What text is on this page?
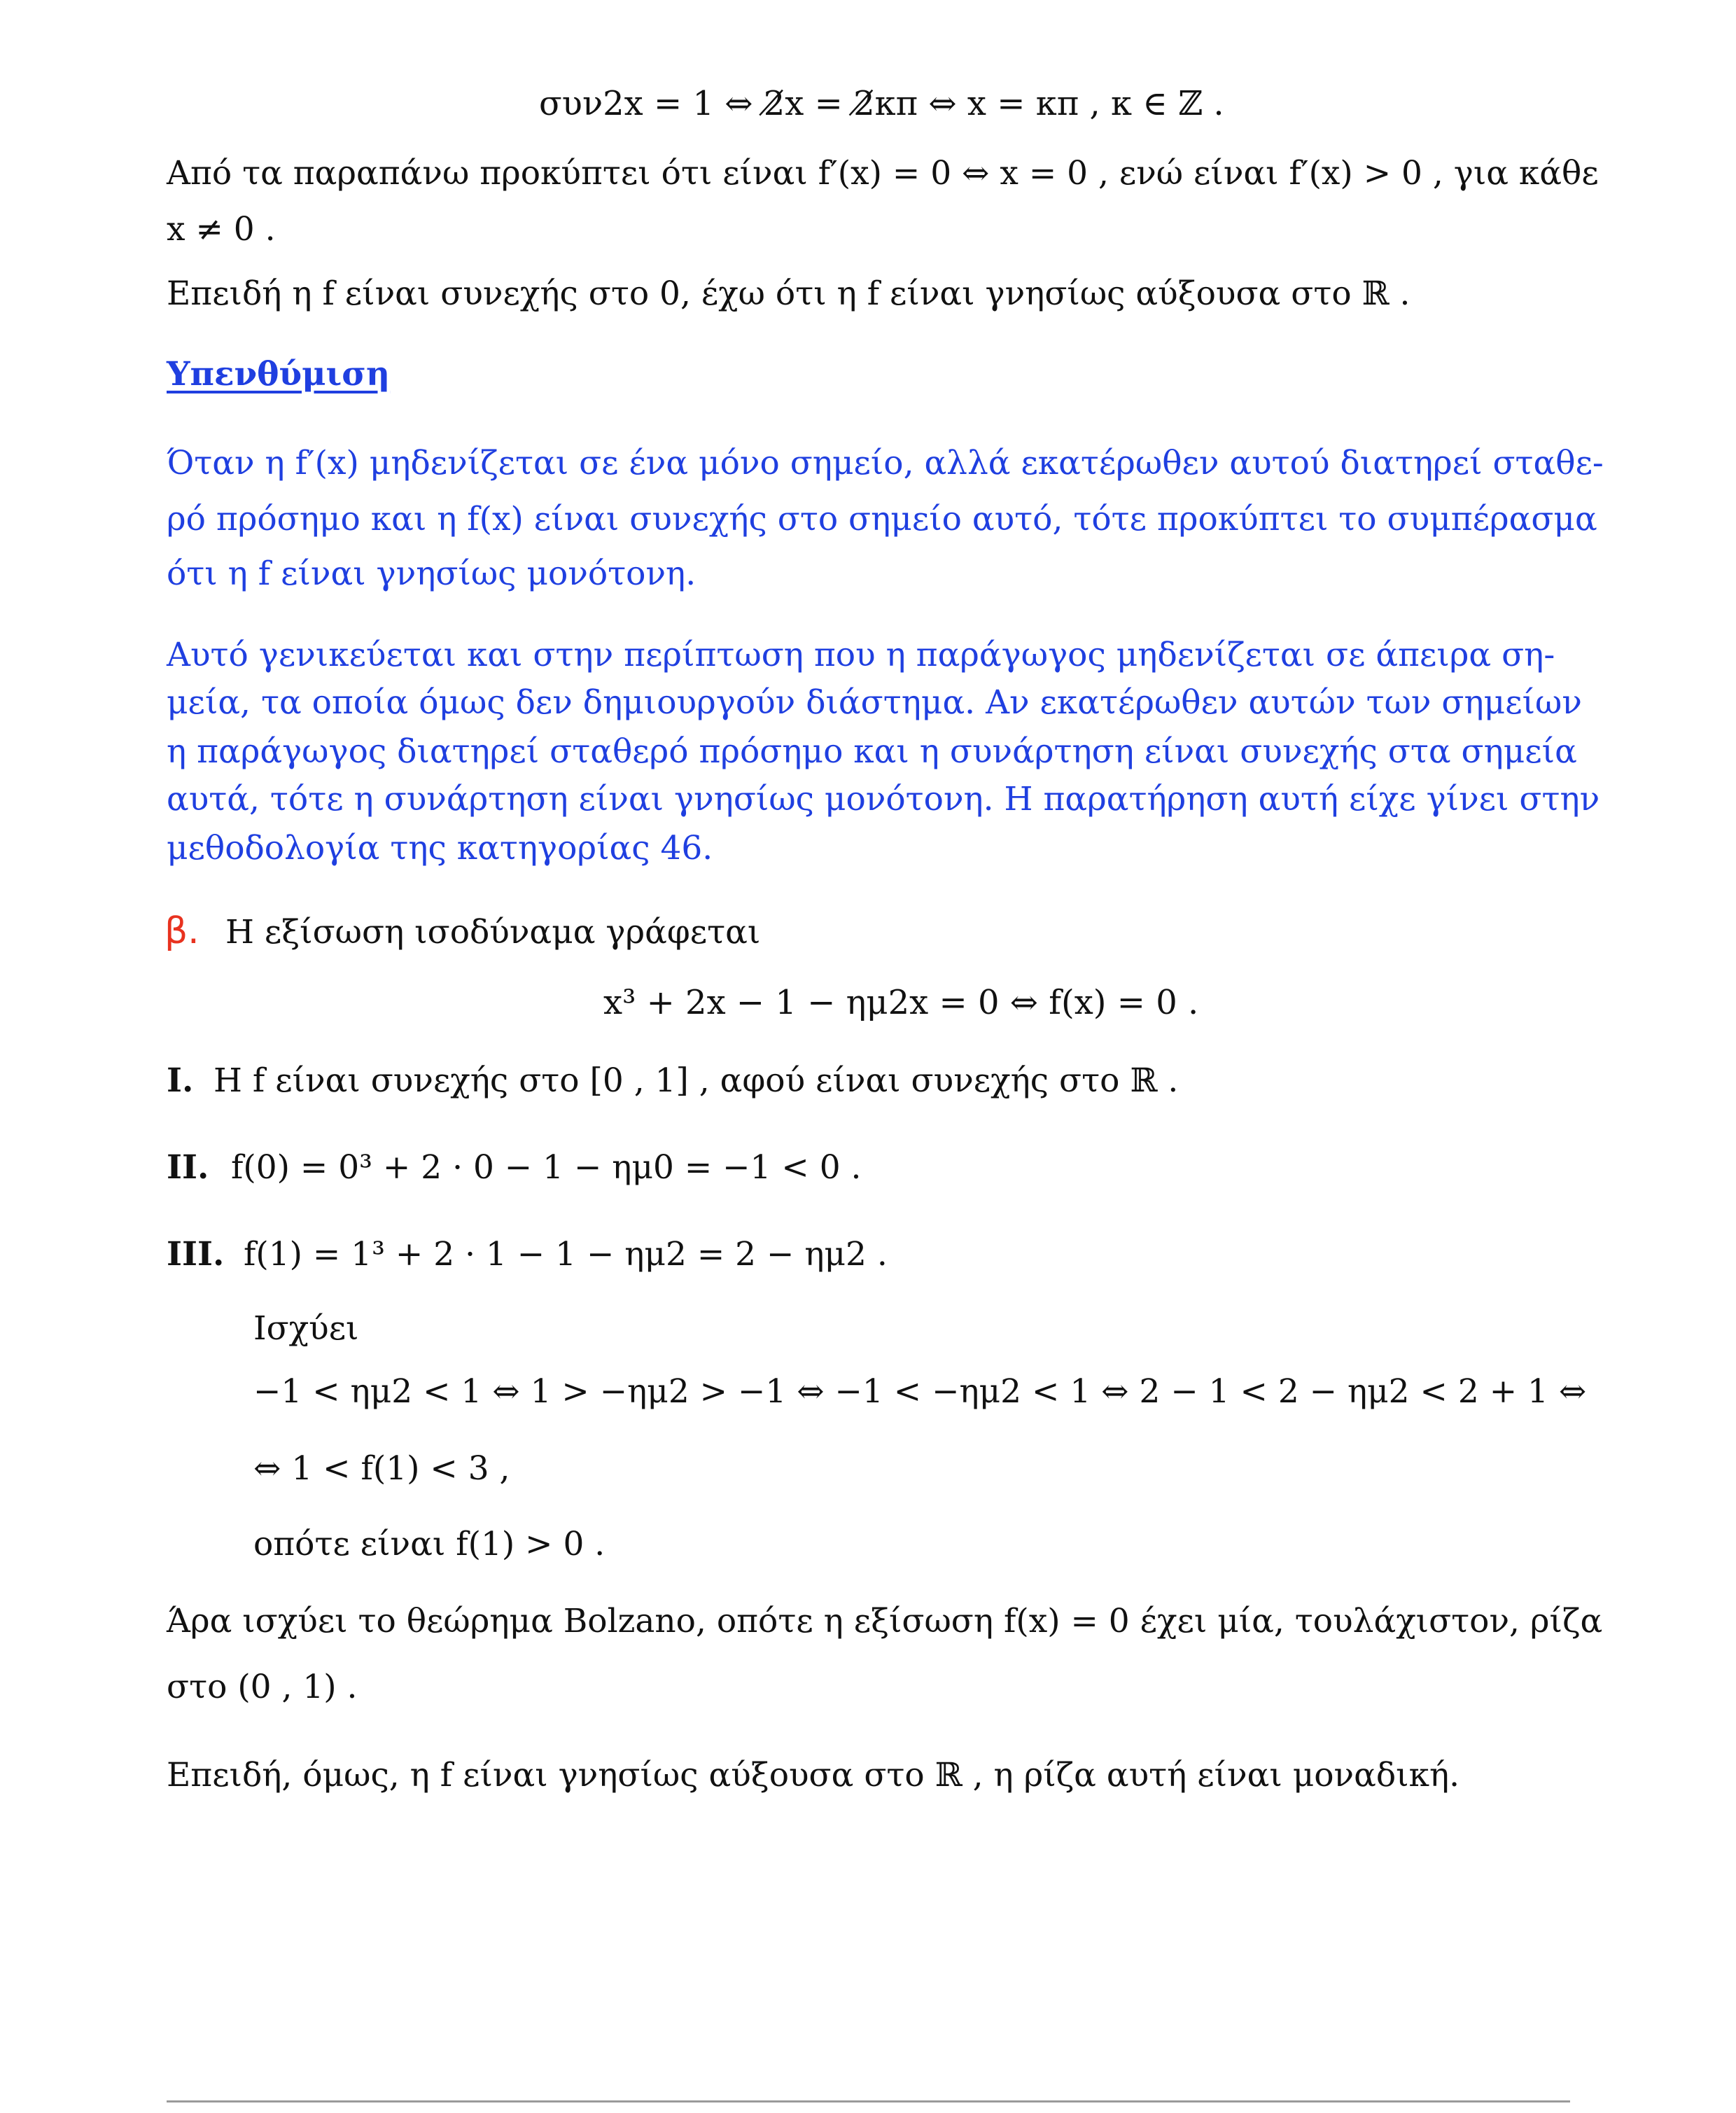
συν2x = 1 ⇔ 2̸x = 2̸κπ ⇔ x = κπ , κ ∈ ℤ .
Από τα παραπάνω προκύπτει ότι είναι f′(x) = 0 ⇔ x = 0 , ενώ είναι f′(x) > 0 , για κάθε
x ≠ 0 .
Επειδή η f είναι συνεχής στο 0, έχω ότι η f είναι γνησίως αύξουσα στο ℝ .
Υπενθύμιση
Όταν η f′(x) μηδενίζεται σε ένα μόνο σημείο, αλλά εκατέρωθεν αυτού διατηρεί σταθε-
ρό πρόσημο και η f(x) είναι συνεχής στο σημείο αυτό, τότε προκύπτει το συμπέρασμα
ότι η f είναι γνησίως μονότονη.
Αυτό γενικεύεται και στην περίπτωση που η παράγωγος μηδενίζεται σε άπειρα ση-
μεία, τα οποία όμως δεν δημιουργούν διάστημα. Αν εκατέρωθεν αυτών των σημείων
η παράγωγος διατηρεί σταθερό πρόσημο και η συνάρτηση είναι συνεχής στα σημεία
αυτά, τότε η συνάρτηση είναι γνησίως μονότονη. Η παρατήρηση αυτή είχε γίνει στην
μεθοδολογία της κατηγορίας 46.
β. Η εξίσωση ισοδύναμα γράφεται
x³ + 2x − 1 − ημ2x = 0 ⇔ f(x) = 0 .
I. Η f είναι συνεχής στο [0 , 1] , αφού είναι συνεχής στο ℝ .
II. f(0) = 0³ + 2 · 0 − 1 − ημ0 = −1 < 0 .
III. f(1) = 1³ + 2 · 1 − 1 − ημ2 = 2 − ημ2 .
Ισχύει
−1 < ημ2 < 1 ⇔ 1 > −ημ2 > −1 ⇔ −1 < −ημ2 < 1 ⇔ 2 − 1 < 2 − ημ2 < 2 + 1 ⇔
⇔ 1 < f(1) < 3 ,
οπότε είναι f(1) > 0 .
Άρα ισχύει το θεώρημα Bolzano, οπότε η εξίσωση f(x) = 0 έχει μία, τουλάχιστον, ρίζα
στο (0 , 1) .
Επειδή, όμως, η f είναι γνησίως αύξουσα στο ℝ , η ρίζα αυτή είναι μοναδική.
